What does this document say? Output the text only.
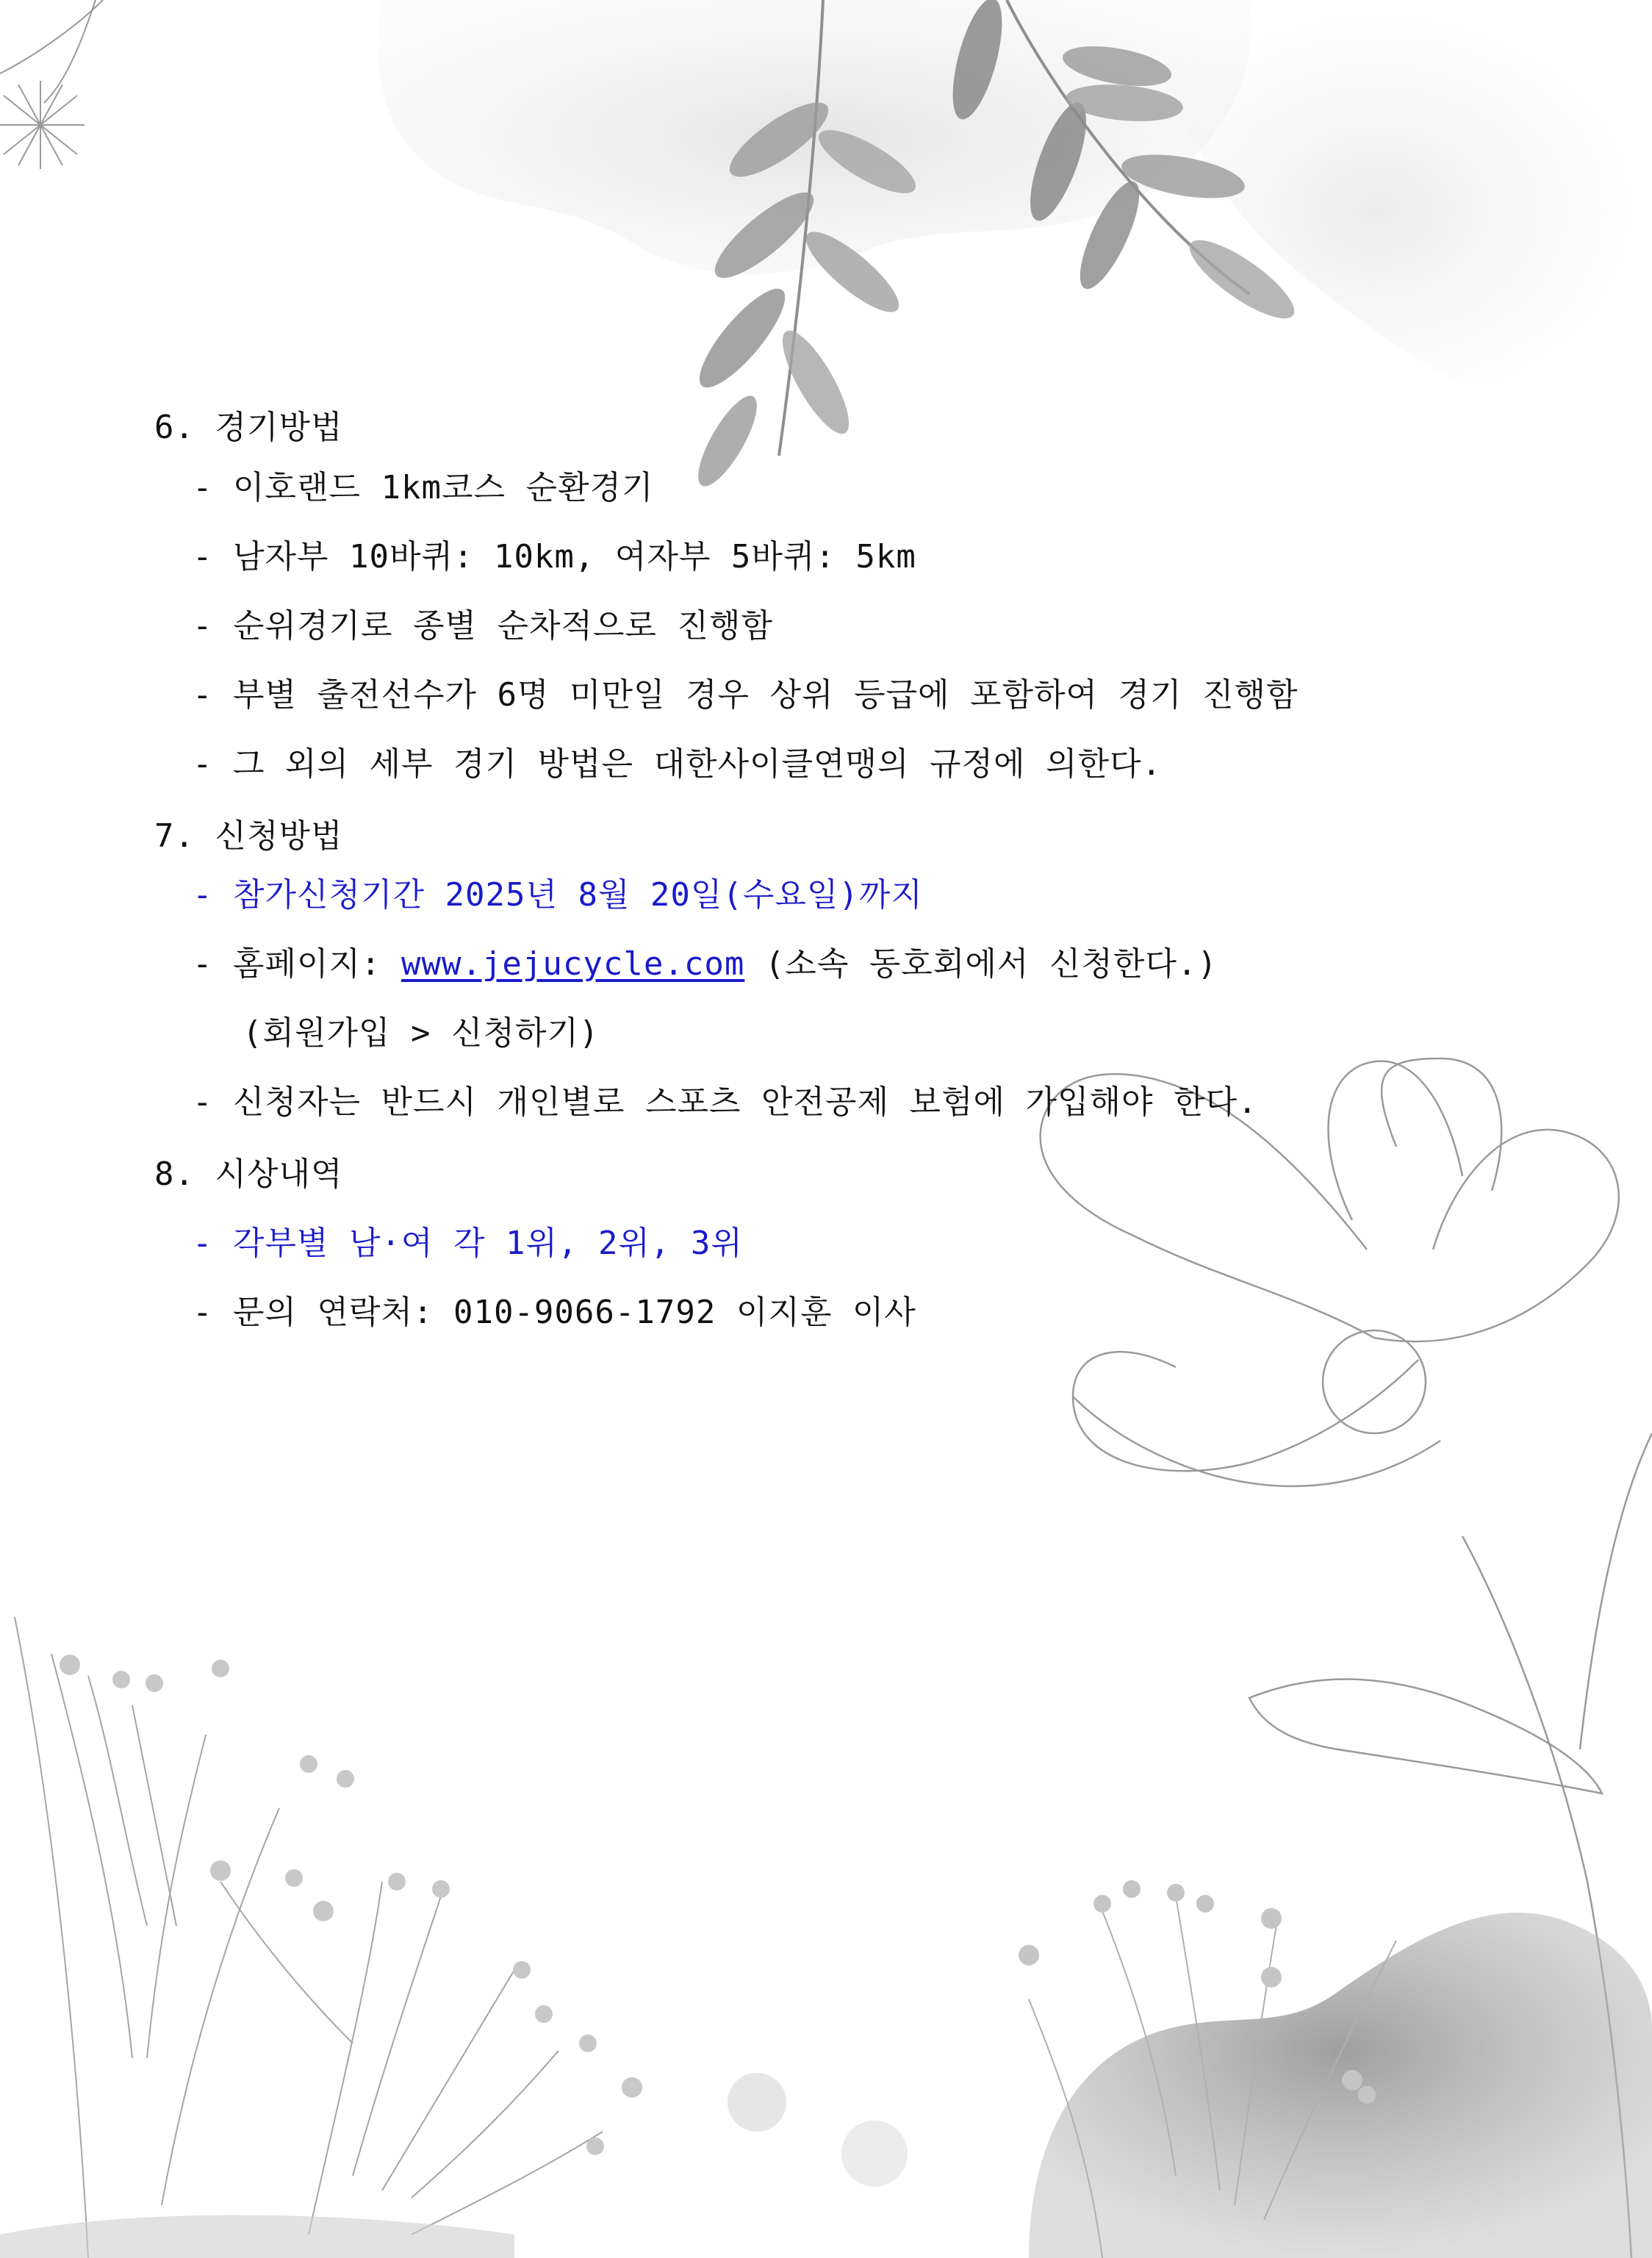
6. 경기방법
- 이호랜드 1km코스 순환경기
- 남자부 10바퀴: 10km, 여자부 5바퀴: 5km
- 순위경기로 종별 순차적으로 진행함
- 부별 출전선수가 6명 미만일 경우 상위 등급에 포함하여 경기 진행함
- 그 외의 세부 경기 방법은 대한사이클연맹의 규정에 의한다.
7. 신청방법
- 참가신청기간 2025년 8월 20일(수요일)까지
- 홈페이지: www.jejucycle.com (소속 동호회에서 신청한다.)
(회원가입 > 신청하기)
- 신청자는 반드시 개인별로 스포츠 안전공제 보험에 가입해야 한다.
8. 시상내역
- 각부별 남·여 각 1위, 2위, 3위
- 문의 연락처: 010-9066-1792 이지훈 이사
